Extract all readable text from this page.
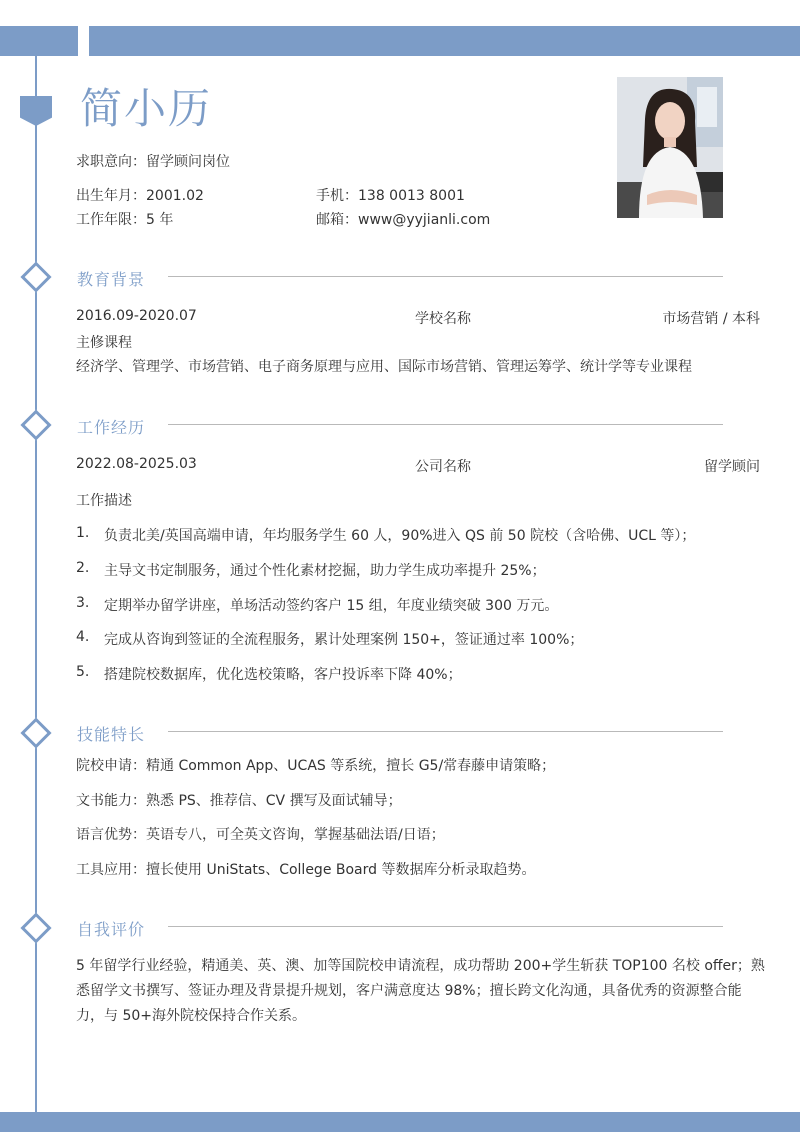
简小历
求职意向：留学顾问岗位
出生年月：2001.02
工作年限：5 年
手机：138 0013 8001
邮箱：www@yyjianli.com
教育背景
2016.09-2020.07	学校名称	市场营销 / 本科
主修课程
经济学、管理学、市场营销、电子商务原理与应用、国际市场营销、管理运筹学、统计学等专业课程
工作经历
2022.08-2025.03	公司名称	留学顾问
工作描述
1.	负责北美/英国高端申请，年均服务学生 60 人，90%进入 QS 前 50 院校（含哈佛、UCL 等）；
2.	主导文书定制服务，通过个性化素材挖掘，助力学生成功率提升 25%；
3.	定期举办留学讲座，单场活动签约客户 15 组，年度业绩突破 300 万元。
4.	完成从咨询到签证的全流程服务，累计处理案例 150+，签证通过率 100%；
5.	搭建院校数据库，优化选校策略，客户投诉率下降 40%；
技能特长
院校申请：精通 Common App、UCAS 等系统，擅长 G5/常春藤申请策略；
文书能力：熟悉 PS、推荐信、CV 撰写及面试辅导；
语言优势：英语专八，可全英文咨询，掌握基础法语/日语；
工具应用：擅长使用 UniStats、College Board 等数据库分析录取趋势。
自我评价
5 年留学行业经验，精通美、英、澳、加等国院校申请流程，成功帮助 200+学生斩获 TOP100 名校 offer；熟悉留学文书撰写、签证办理及背景提升规划，客户满意度达 98%；擅长跨文化沟通，具备优秀的资源整合能力，与 50+海外院校保持合作关系。
